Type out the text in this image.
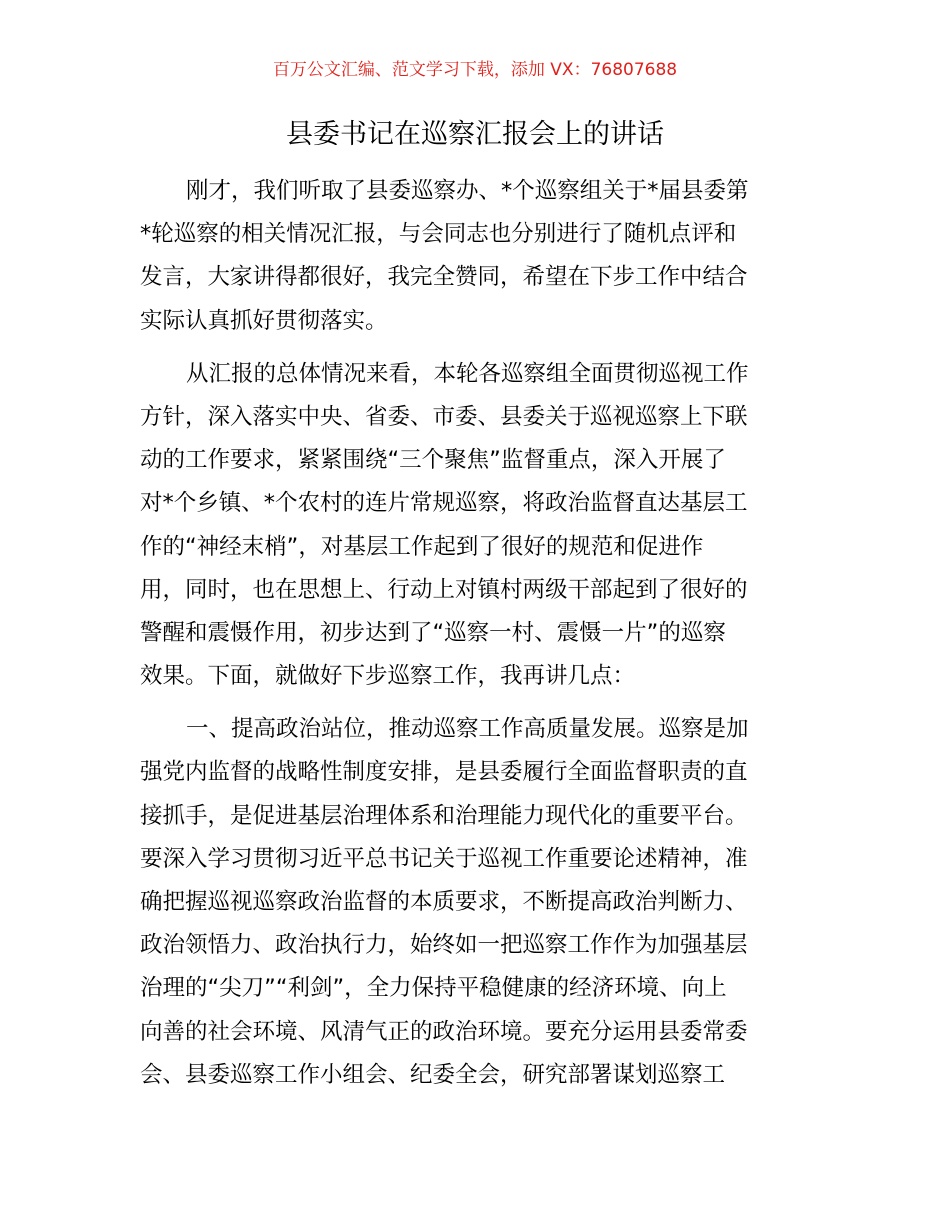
百万公文汇编、范文学习下载，添加 VX：76807688
县委书记在巡察汇报会上的讲话
刚才，我们听取了县委巡察办、*个巡察组关于*届县委第
*轮巡察的相关情况汇报，与会同志也分别进行了随机点评和
发言，大家讲得都很好，我完全赞同，希望在下步工作中结合
实际认真抓好贯彻落实。
从汇报的总体情况来看，本轮各巡察组全面贯彻巡视工作
方针，深入落实中央、省委、市委、县委关于巡视巡察上下联
动的工作要求，紧紧围绕“三个聚焦”监督重点，深入开展了
对*个乡镇、*个农村的连片常规巡察，将政治监督直达基层工
作的“神经末梢”，对基层工作起到了很好的规范和促进作
用，同时，也在思想上、行动上对镇村两级干部起到了很好的
警醒和震慑作用，初步达到了“巡察一村、震慑一片”的巡察
效果。下面，就做好下步巡察工作，我再讲几点：
一、提高政治站位，推动巡察工作高质量发展。巡察是加
强党内监督的战略性制度安排，是县委履行全面监督职责的直
接抓手，是促进基层治理体系和治理能力现代化的重要平台。
要深入学习贯彻习近平总书记关于巡视工作重要论述精神，准
确把握巡视巡察政治监督的本质要求，不断提高政治判断力、
政治领悟力、政治执行力，始终如一把巡察工作作为加强基层
治理的“尖刀”“利剑”，全力保持平稳健康的经济环境、向上
向善的社会环境、风清气正的政治环境。要充分运用县委常委
会、县委巡察工作小组会、纪委全会，研究部署谋划巡察工
